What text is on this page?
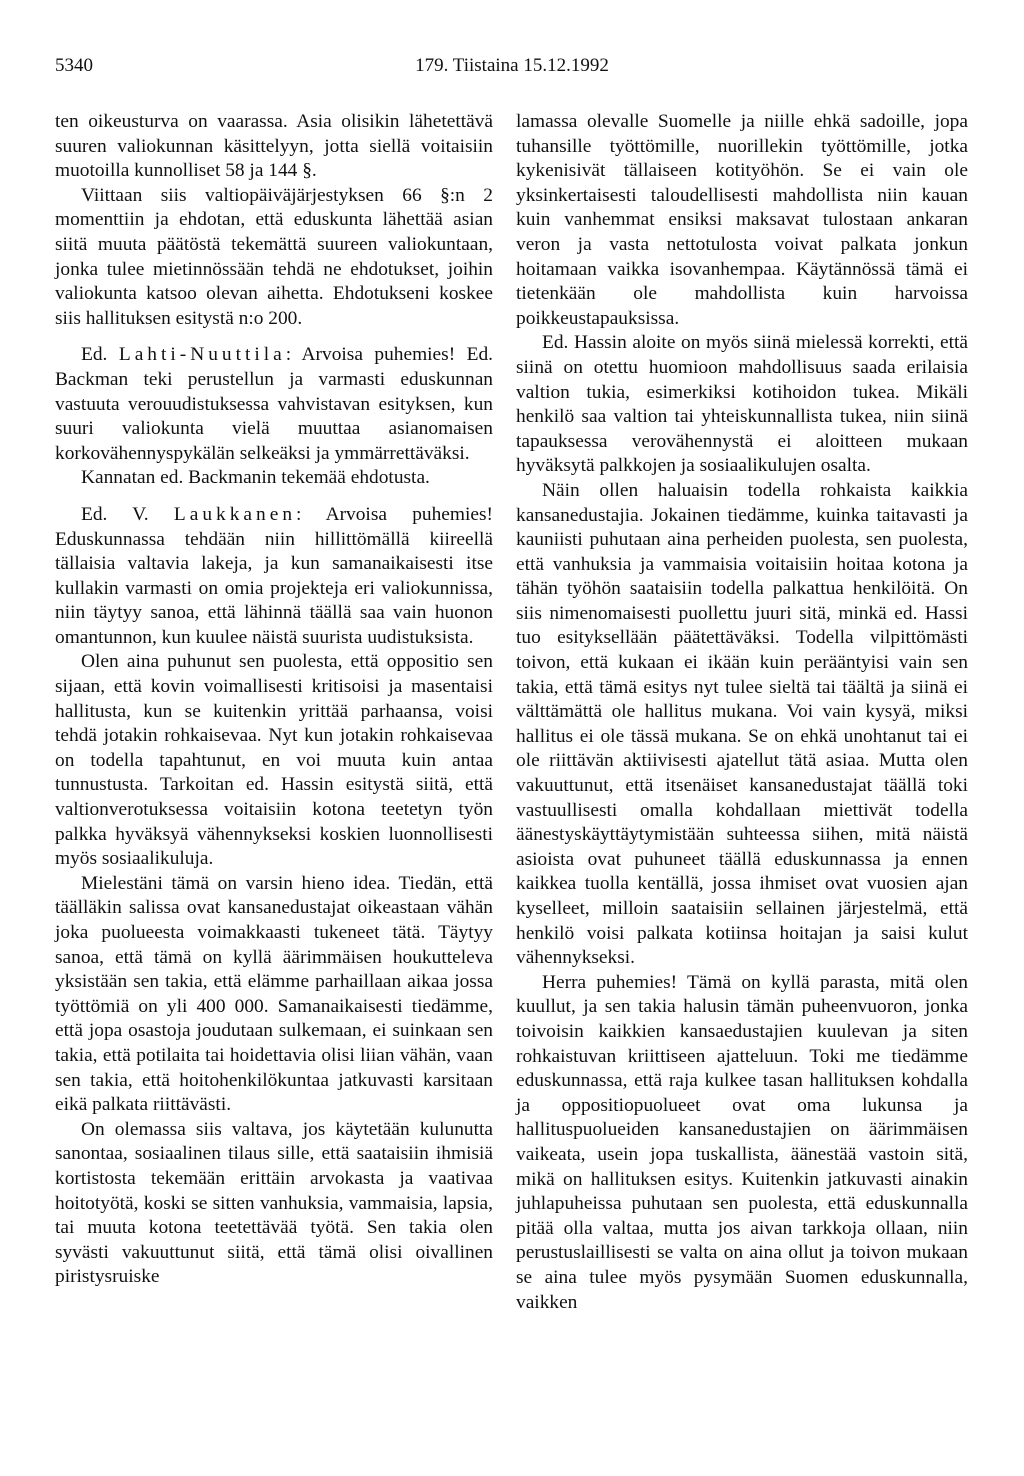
5340	179. Tiistaina 15.12.1992

ten oikeusturva on vaarassa. Asia olisikin lähetettävä suuren valiokunnan käsittelyyn, jotta siellä voitaisiin muotoilla kunnolliset 58 ja 144 §.

Viittaan siis valtiopäiväjärjestyksen 66 §:n 2 momenttiin ja ehdotan, että eduskunta lähettää asian siitä muuta päätöstä tekemättä suureen valiokuntaan, jonka tulee mietinnössään tehdä ne ehdotukset, joihin valiokunta katsoo olevan aihetta. Ehdotukseni koskee siis hallituksen esitystä n:o 200.

Ed. Lahti-Nuuttila: Arvoisa puhemies! Ed. Backman teki perustellun ja varmasti eduskunnan vastuuta verouudistuksessa vahvistavan esityksen, kun suuri valiokunta vielä muuttaa asianomaisen korkovähennyspykälän selkeäksi ja ymmärrettäväksi.

Kannatan ed. Backmanin tekemää ehdotusta.

Ed. V. Laukkanen: Arvoisa puhemies! Eduskunnassa tehdään niin hillittömällä kiireellä tällaisia valtavia lakeja, ja kun samanaikaisesti itse kullakin varmasti on omia projekteja eri valiokunnissa, niin täytyy sanoa, että lähinnä täällä saa vain huonon omantunnon, kun kuulee näistä suurista uudistuksista.

Olen aina puhunut sen puolesta, että oppositio sen sijaan, että kovin voimallisesti kritisoisi ja masentaisi hallitusta, kun se kuitenkin yrittää parhaansa, voisi tehdä jotakin rohkaisevaa. Nyt kun jotakin rohkaisevaa on todella tapahtunut, en voi muuta kuin antaa tunnustusta. Tarkoitan ed. Hassin esitystä siitä, että valtionverotuksessa voitaisiin kotona teetetyn työn palkka hyväksyä vähennykseksi koskien luonnollisesti myös sosiaalikuluja.

Mielestäni tämä on varsin hieno idea. Tiedän, että täälläkin salissa ovat kansanedustajat oikeastaan vähän joka puolueesta voimakkaasti tukeneet tätä. Täytyy sanoa, että tämä on kyllä äärimmäisen houkutteleva yksistään sen takia, että elämme parhaillaan aikaa jossa työttömiä on yli 400 000. Samanaikaisesti tiedämme, että jopa osastoja joudutaan sulkemaan, ei suinkaan sen takia, että potilaita tai hoidettavia olisi liian vähän, vaan sen takia, että hoitohenkilökuntaa jatkuvasti karsitaan eikä palkata riittävästi.

On olemassa siis valtava, jos käytetään kulunutta sanontaa, sosiaalinen tilaus sille, että saataisiin ihmisiä kortistosta tekemään erittäin arvokasta ja vaativaa hoitotyötä, koski se sitten vanhuksia, vammaisia, lapsia, tai muuta kotona teetettävää työtä. Sen takia olen syvästi vakuuttunut siitä, että tämä olisi oivallinen piristysruiske

lamassa olevalle Suomelle ja niille ehkä sadoille, jopa tuhansille työttömille, nuorillekin työttömille, jotka kykenisivät tällaiseen kotityöhön. Se ei vain ole yksinkertaisesti taloudellisesti mahdollista niin kauan kuin vanhemmat ensiksi maksavat tulostaan ankaran veron ja vasta nettotulosta voivat palkata jonkun hoitamaan vaikka isovanhempaa. Käytännössä tämä ei tietenkään ole mahdollista kuin harvoissa poikkeustapauksissa.

Ed. Hassin aloite on myös siinä mielessä korrekti, että siinä on otettu huomioon mahdollisuus saada erilaisia valtion tukia, esimerkiksi kotihoidon tukea. Mikäli henkilö saa valtion tai yhteiskunnallista tukea, niin siinä tapauksessa verovähennystä ei aloitteen mukaan hyväksytä palkkojen ja sosiaalikulujen osalta.

Näin ollen haluaisin todella rohkaista kaikkia kansanedustajia. Jokainen tiedämme, kuinka taitavasti ja kauniisti puhutaan aina perheiden puolesta, sen puolesta, että vanhuksia ja vammaisia voitaisiin hoitaa kotona ja tähän työhön saataisiin todella palkattua henkilöitä. On siis nimenomaisesti puollettu juuri sitä, minkä ed. Hassi tuo esityksellään päätettäväksi. Todella vilpittömästi toivon, että kukaan ei ikään kuin perääntyisi vain sen takia, että tämä esitys nyt tulee sieltä tai täältä ja siinä ei välttämättä ole hallitus mukana. Voi vain kysyä, miksi hallitus ei ole tässä mukana. Se on ehkä unohtanut tai ei ole riittävän aktiivisesti ajatellut tätä asiaa. Mutta olen vakuuttunut, että itsenäiset kansanedustajat täällä toki vastuullisesti omalla kohdallaan miettivät todella äänestyskäyttäytymistään suhteessa siihen, mitä näistä asioista ovat puhuneet täällä eduskunnassa ja ennen kaikkea tuolla kentällä, jossa ihmiset ovat vuosien ajan kyselleet, milloin saataisiin sellainen järjestelmä, että henkilö voisi palkata kotiinsa hoitajan ja saisi kulut vähennykseksi.

Herra puhemies! Tämä on kyllä parasta, mitä olen kuullut, ja sen takia halusin tämän puheenvuoron, jonka toivoisin kaikkien kansaedustajien kuulevan ja siten rohkaistuvan kriittiseen ajatteluun. Toki me tiedämme eduskunnassa, että raja kulkee tasan hallituksen kohdalla ja oppositiopuolueet ovat oma lukunsa ja hallituspuolueiden kansanedustajien on äärimmäisen vaikeata, usein jopa tuskallista, äänestää vastoin sitä, mikä on hallituksen esitys. Kuitenkin jatkuvasti ainakin juhlapuheissa puhutaan sen puolesta, että eduskunnalla pitää olla valtaa, mutta jos aivan tarkkoja ollaan, niin perustuslaillisesti se valta on aina ollut ja toivon mukaan se aina tulee myös pysymään Suomen eduskunnalla, vaikken
